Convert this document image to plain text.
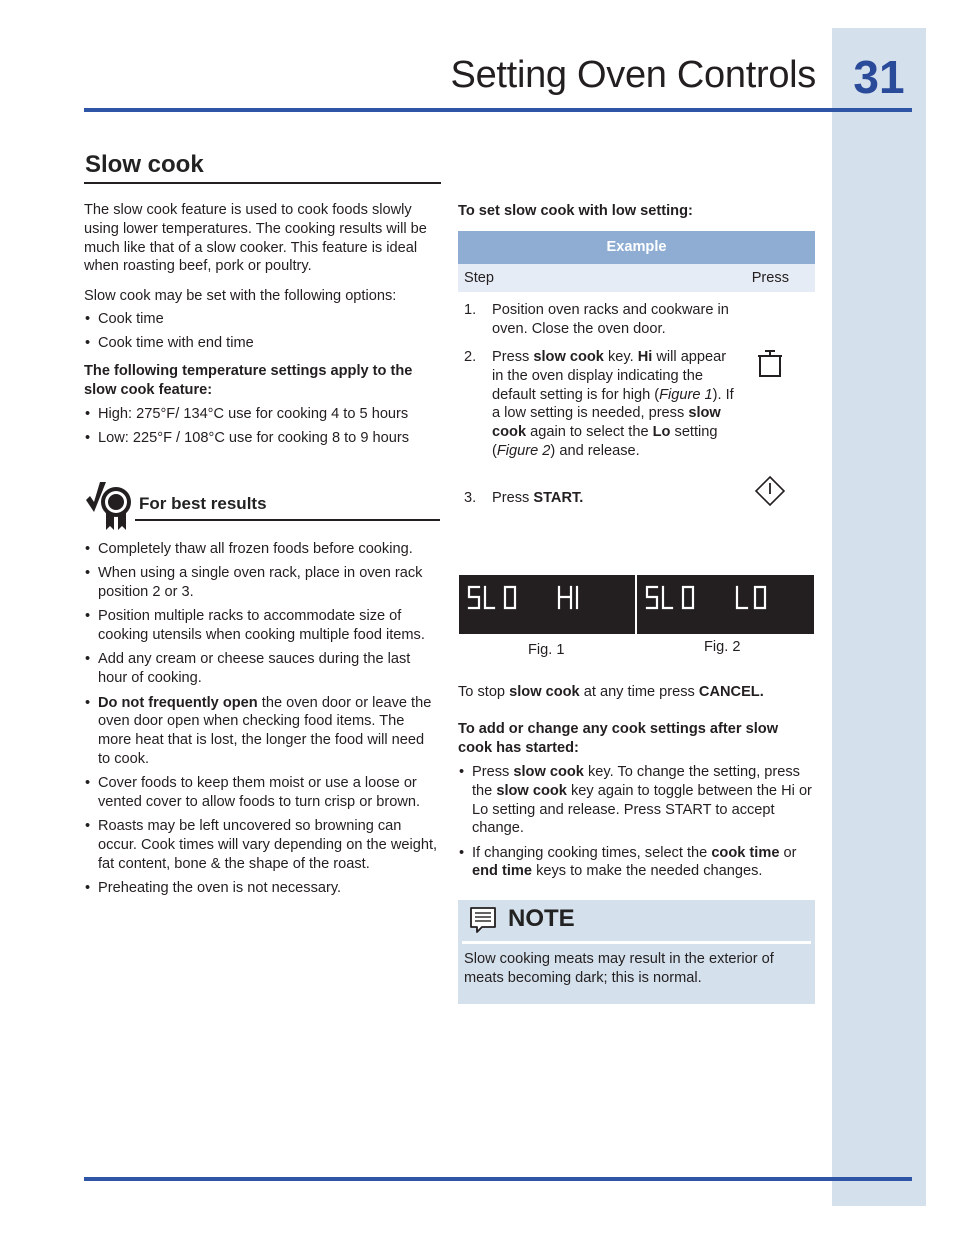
31
Setting Oven Controls
Slow cook

The slow cook feature is used to cook foods slowly using lower temperatures. The cooking results will be much like that of a slow cooker. This feature is ideal when roasting beef, pork or poultry.

Slow cook may be set with the following options:

• Cook time
• Cook time with end time

The following temperature settings apply to the slow cook feature:

• High: 275°F/ 134°C use for cooking 4 to 5 hours
• Low: 225°F / 108°C use for cooking 8 to 9 hours
For best results
• Completely thaw all frozen foods before cooking.
• When using a single oven rack, place in oven rack position 2 or 3.
• Position multiple racks to accommodate size of cooking utensils when cooking multiple food items.
• Add any cream or cheese sauces during the last hour of cooking.
• Do not frequently open the oven door or leave the oven door open when checking food items. The more heat that is lost, the longer the food will need to cook.
• Cover foods to keep them moist or use a loose or vented cover to allow foods to turn crisp or brown.
• Roasts may be left uncovered so browning can occur. Cook times will vary depending on the weight, fat content, bone & the shape of the roast.
• Preheating the oven is not necessary.
To set slow cook with low setting:
Example
Step	Press
1. Position oven racks and cookware in oven. Close the oven door.
2. Press slow cook key. Hi will appear in the oven display indicating the default setting is for high (Figure 1). If a low setting is needed, press slow cook again to select the Lo setting (Figure 2) and release.
3. Press START.
Fig. 1	Fig. 2
To stop slow cook at any time press CANCEL.
To add or change any cook settings after slow cook has started:
• Press slow cook key. To change the setting, press the slow cook key again to toggle between the Hi or Lo setting and release. Press START to accept change.
• If changing cooking times, select the cook time or end time keys to make the needed changes.
NOTE
Slow cooking meats may result in the exterior of meats becoming dark; this is normal.
